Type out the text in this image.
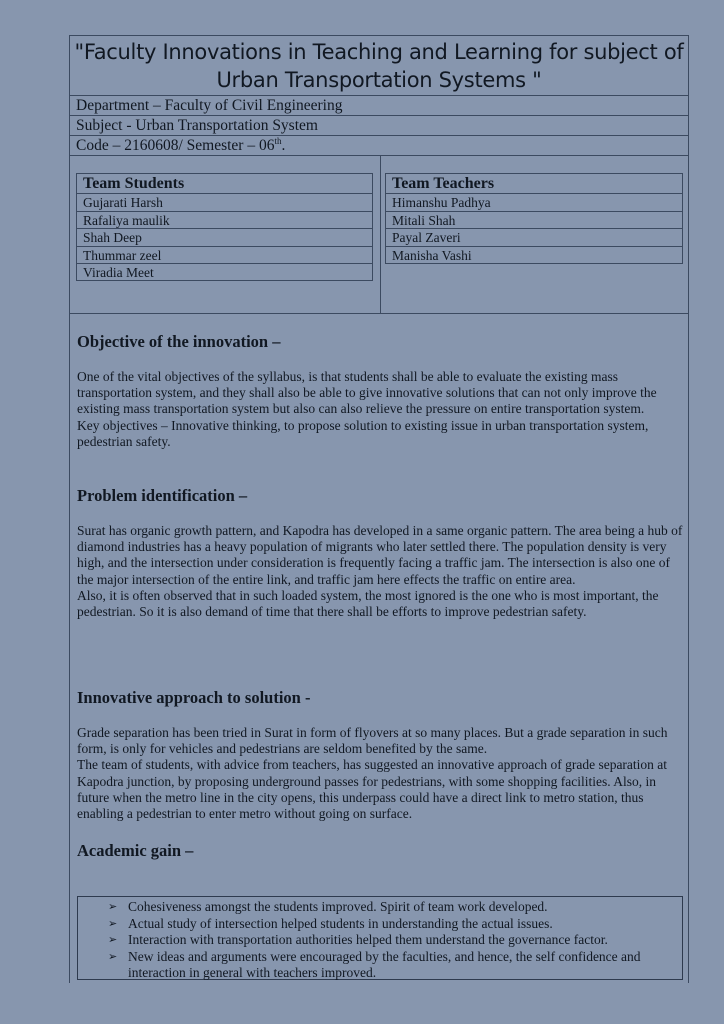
"Faculty Innovations in Teaching and Learning for subject of
Urban Transportation Systems "
Department – Faculty of Civil Engineering
Subject - Urban Transportation System
Code – 2160608/ Semester – 06th.
Team Students
Gujarati Harsh
Rafaliya maulik
Shah Deep
Thummar zeel
Viradia Meet
Team Teachers
Himanshu Padhya
Mitali Shah
Payal Zaveri
Manisha Vashi
Objective of the innovation –

One of the vital objectives of the syllabus, is that students shall be able to evaluate the existing mass transportation system, and they shall also be able to give innovative solutions that can not only improve the existing mass transportation system but also can also relieve the pressure on entire transportation system.
Key objectives – Innovative thinking, to propose solution to existing issue in urban transportation system, pedestrian safety.

Problem identification –

Surat has organic growth pattern, and Kapodra has developed in a same organic pattern. The area being a hub of diamond industries has a heavy population of migrants who later settled there. The population density is very high, and the intersection under consideration is frequently facing a traffic jam. The intersection is also one of the major intersection of the entire link, and traffic jam here effects the traffic on entire area.
Also, it is often observed that in such loaded system, the most ignored is the one who is most important, the pedestrian. So it is also demand of time that there shall be efforts to improve pedestrian safety.

Innovative approach to solution -

Grade separation has been tried in Surat in form of flyovers at so many places. But a grade separation in such form, is only for vehicles and pedestrians are seldom benefited by the same.
The team of students, with advice from teachers, has suggested an innovative approach of grade separation at Kapodra junction, by proposing underground passes for pedestrians, with some shopping facilities. Also, in future when the metro line in the city opens, this underpass could have a direct link to metro station, thus enabling a pedestrian to enter metro without going on surface.

Academic gain –
➢ Cohesiveness amongst the students improved. Spirit of team work developed.
➢ Actual study of intersection helped students in understanding the actual issues.
➢ Interaction with transportation authorities helped them understand the governance factor.
➢ New ideas and arguments were encouraged by the faculties, and hence, the self confidence and interaction in general with teachers improved.
